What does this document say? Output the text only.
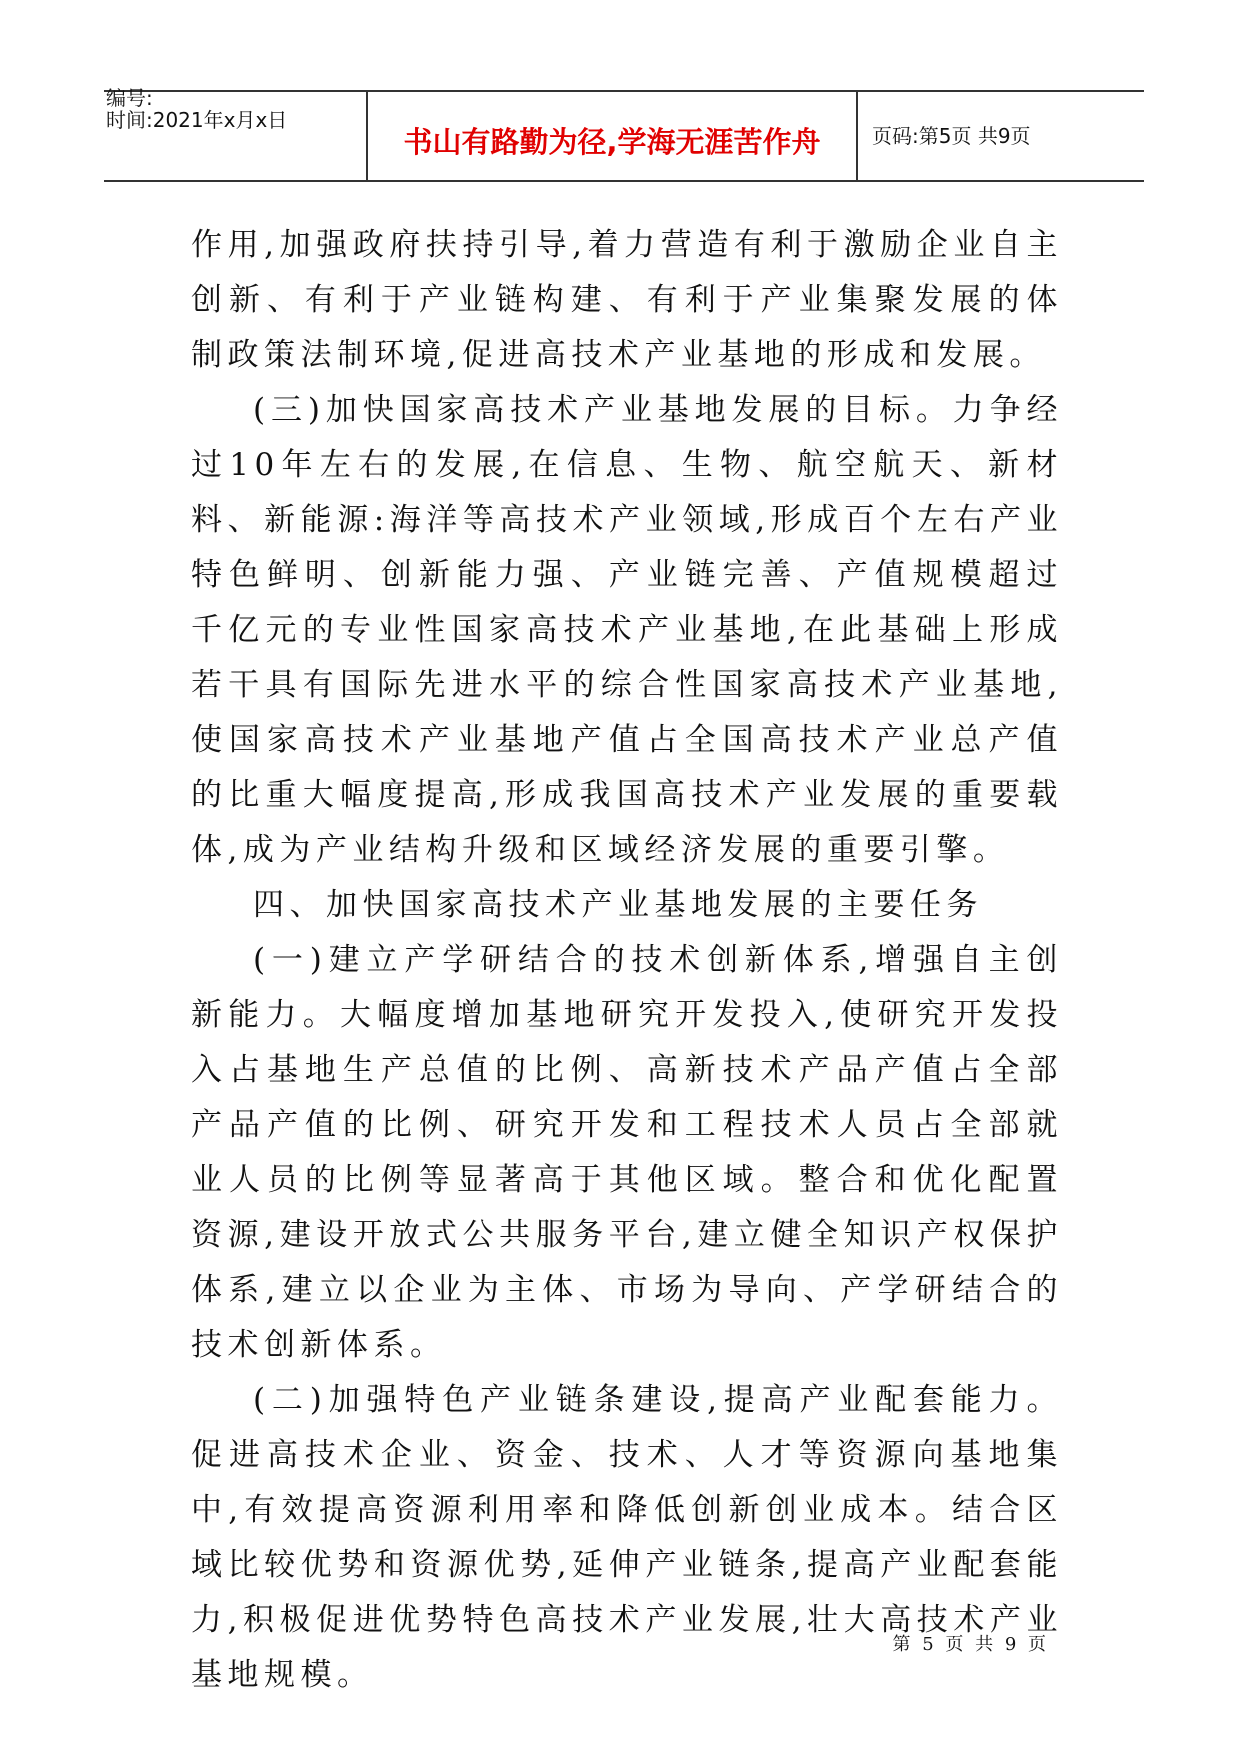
编号:
时间:2021年x月x日
书山有路勤为径,学海无涯苦作舟	页码:第5页 共9页

作用,加强政府扶持引导,着力营造有利于激励企业自主创新、有利于产业链构建、有利于产业集聚发展的体制政策法制环境,促进高技术产业基地的形成和发展。

(三)加快国家高技术产业基地发展的目标。力争经过10年左右的发展,在信息、生物、航空航天、新材料、新能源:海洋等高技术产业领域,形成百个左右产业特色鲜明、创新能力强、产业链完善、产值规模超过千亿元的专业性国家高技术产业基地,在此基础上形成若干具有国际先进水平的综合性国家高技术产业基地,使国家高技术产业基地产值占全国高技术产业总产值的比重大幅度提高,形成我国高技术产业发展的重要载体,成为产业结构升级和区域经济发展的重要引擎。

四、加快国家高技术产业基地发展的主要任务

(一)建立产学研结合的技术创新体系,增强自主创新能力。大幅度增加基地研究开发投入,使研究开发投入占基地生产总值的比例、高新技术产品产值占全部产品产值的比例、研究开发和工程技术人员占全部就业人员的比例等显著高于其他区域。整合和优化配置资源,建设开放式公共服务平台,建立健全知识产权保护体系,建立以企业为主体、市场为导向、产学研结合的技术创新体系。

(二)加强特色产业链条建设,提高产业配套能力。促进高技术企业、资金、技术、人才等资源向基地集中,有效提高资源利用率和降低创新创业成本。结合区域比较优势和资源优势,延伸产业链条,提高产业配套能力,积极促进优势特色高技术产业发展,壮大高技术产业基地规模。

第 5 页 共 9 页
